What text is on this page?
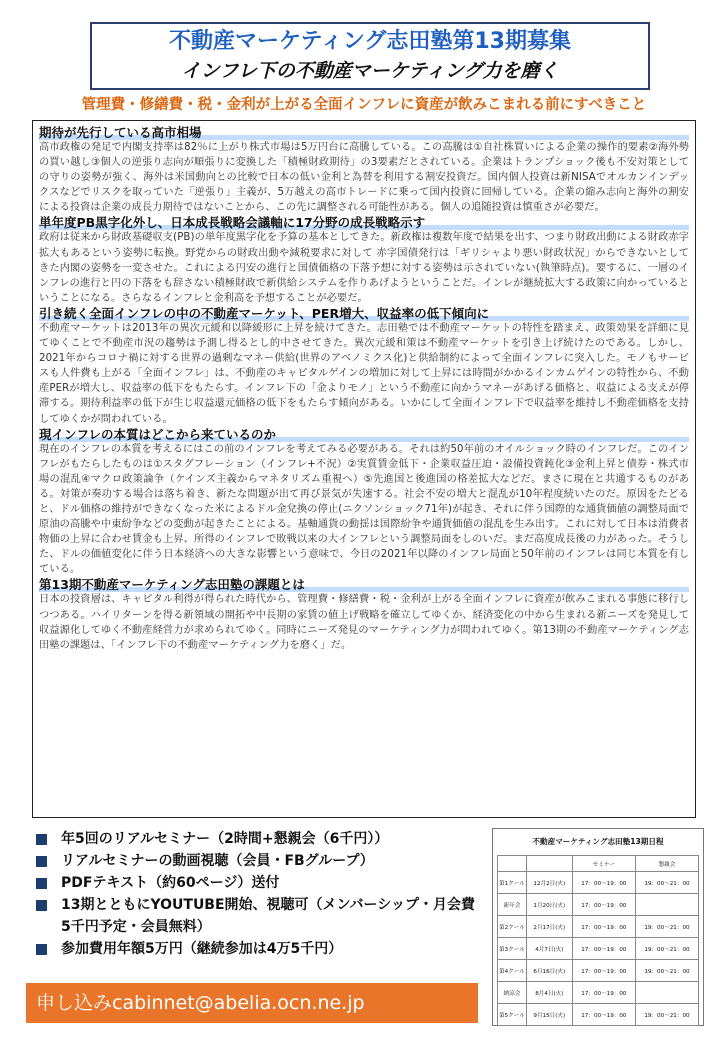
不動産マーケティング志田塾第13期募集
インフレ下の不動産マーケティング力を磨く
管理費・修繕費・税・金利が上がる全面インフレに資産が飲みこまれる前にすべきこと
期待が先行している高市相場

高市政権の発足で内閣支持率は82％に上がり株式市場は5万円台に高騰している。この高騰は①自社株買いによる企業の操作的要素②海外勢の買い越し③個人の逆張り志向が順張りに変換した「積極財政期待」の3要素だとされている。企業はトランプショック後も不安対策としての守りの姿勢が強く、海外は米国動向との比較で日本の低い金利と為替を利用する割安投資だ。国内個人投資は新NISAでオルカンインデックスなどでリスクを取っていた「逆張り」主義が、5万越えの高市トレードに乗って国内投資に回帰している。企業の縮み志向と海外の割安による投資は企業の成長力期待ではないことから、この先に調整される可能性がある。個人の追随投資は慎重さが必要だ。

単年度PB黒字化外し、日本成長戦略会議軸に17分野の成長戦略示す

政府は従来から財政基礎収支(PB)の単年度黒字化を予算の基本としてきた。新政権は複数年度で結果を出す、つまり財政出動による財政赤字拡大もあるという姿勢に転換。野党からの財政出動や減税要求に対して 赤字国債発行は「ギリシャより悪い財政状況」からできないとしてきた内閣の姿勢を一変させた。これによる円安の進行と国債価格の下落予想に対する姿勢は示されていない(執筆時点)。要するに、一層のインフレの進行と円の下落をも辞さない積極財政で新供給システムを作りあげようということだ。インレが継続拡大する政策に向かっているということになる。さらなるインフレと金利高を予想することが必要だ。

引き続く全面インフレの中の不動産マーケット、PER増大、収益率の低下傾向に

不動産マーケットは2013年の異次元緩和以降緩形に上昇を続けてきた。志田塾では不動産マーケットの特性を踏まえ、政策効果を詳細に見てゆくことで不動産市況の趨勢は予測し得るとし的中させてきた。異次元緩和策は不動産マーケットを引き上げ続けたのである。しかし、2021年からコロナ禍に対する世界の過剰なマネー供給(世界のアベノミクス化)と供給制約によって全面インフレに突入した。モノもサービスも人件費も上がる「全面インフレ」は、不動産のキャピタルゲインの増加に対して上昇には時間がかかるインカムゲインの特性から、不動産PERが増大し、収益率の低下をもたらす。インフレ下の「金よりモノ」という不動産に向かうマネーがあげる価格と、収益による支えが停滞する。期待利益率の低下が生じ収益還元価格の低下をもたらす傾向がある。いかにして全面インフレ下で収益率を維持し不動産価格を支持してゆくかが問われている。

現インフレの本質はどこから来ているのか

現在のインフレの本質を考えるにはこの前のインフレを考えてみる必要がある。それは約50年前のオイルショック時のインフレだ。このインフレがもたらしたものは①スタグフレーション（インフレ+不況）②実質賃金低下・企業収益圧迫・設備投資鈍化③金利上昇と債券・株式市場の混乱④マクロ政策論争（ケインズ主義からマネタリズム重視へ）⑤先進国と後進国の格差拡大などだ。まさに現在と共通するものがある。対策が奏功する場合は落ち着き、新たな問題が出て再び景気が失速する。社会不安の増大と混乱が10年程度続いたのだ。原因をたどると、ドル価格の維持ができなくなった米によるドル金兌換の停止(ニクソンショック71年)が起き、それに伴う国際的な通貨価値の調整局面で原油の高騰や中東紛争などの変動が起きたことによる。基軸通貨の動揺は国際紛争や通貨価値の混乱を生み出す。これに対して日本は消費者物価の上昇に合わせ賃金も上昇、所得のインフレで敗戦以来の大インフレという調整局面をしのいだ。まだ高度成長後の力があった。そうした、ドルの価値変化に伴う日本経済への大きな影響という意味で、今日の2021年以降のインフレ局面と50年前のインフレは同じ本質を有している。

第13期不動産マーケティング志田塾の課題とは

日本の投資層は、キャピタル利得が得られた時代から、管理費・修繕費・税・金利が上がる全面インフレに資産が飲みこまれる事態に移行しつつある。ハイリターンを得る新領域の開拓や中長期の家賃の値上げ戦略を確立してゆくか、経済変化の中から生まれる新ニーズを発見して収益源化してゆく不動産経営力が求められてゆく。同時にニーズ発見のマーケティング力が問われてゆく。第13期の不動産マーケティング志田塾の課題は、「インフレ下の不動産マーケティング力を磨く」だ。

年5回のリアルセミナー（2時間+懇親会（6千円））
リアルセミナーの動画視聴（会員・FBグループ）
PDFテキスト（約60ページ）送付
13期とともにYOUTUBE開始、視聴可（メンバーシップ・月会費5千円予定・会員無料）
参加費用年額5万円（継続参加は4万5千円）
申し込みcabinnet@abelia.ocn.ne.jp
不動産マーケティング志田塾13期日程
		セミナー	懇親会
第1クール	12月2日(火)	17：00～19：00	19：00～21：00
新年会	1月20日(火)	17：00～19：00	
第2クール	2月17日(火)	17：00～19：00	19：00～21：00
第3クール	4月7日(火)	17：00～19：00	19：00～21：00
第4クール	6月16日(火)	17：00～19：00	19：00～21：00
納涼会	8月4日(火)	17：00～19：00	
第5クール	9月15日(火)	17：00～19：00	19：00～21：00
